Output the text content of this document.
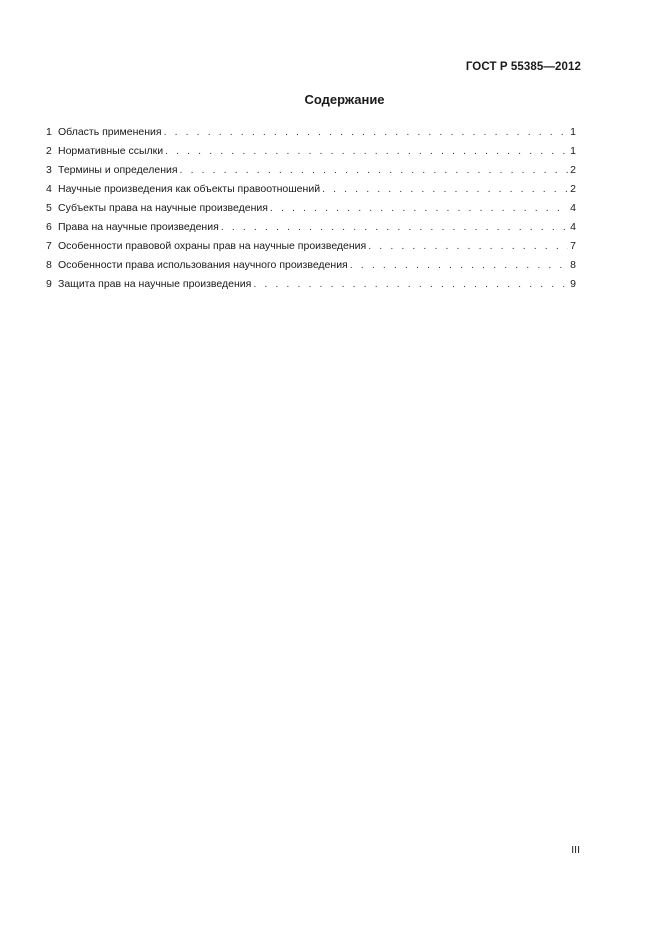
ГОСТ Р 55385—2012
Содержание
1 Область применения . . .	1
2 Нормативные ссылки . . .	1
3 Термины и определения . . .	2
4 Научные произведения как объекты правоотношений . . .	2
5 Субъекты права на научные произведения . . .	4
6 Права на научные произведения . . .	4
7 Особенности правовой охраны прав на научные произведения . . .	7
8 Особенности права использования научного произведения . . .	8
9 Защита прав на научные произведения . . .	9
III
